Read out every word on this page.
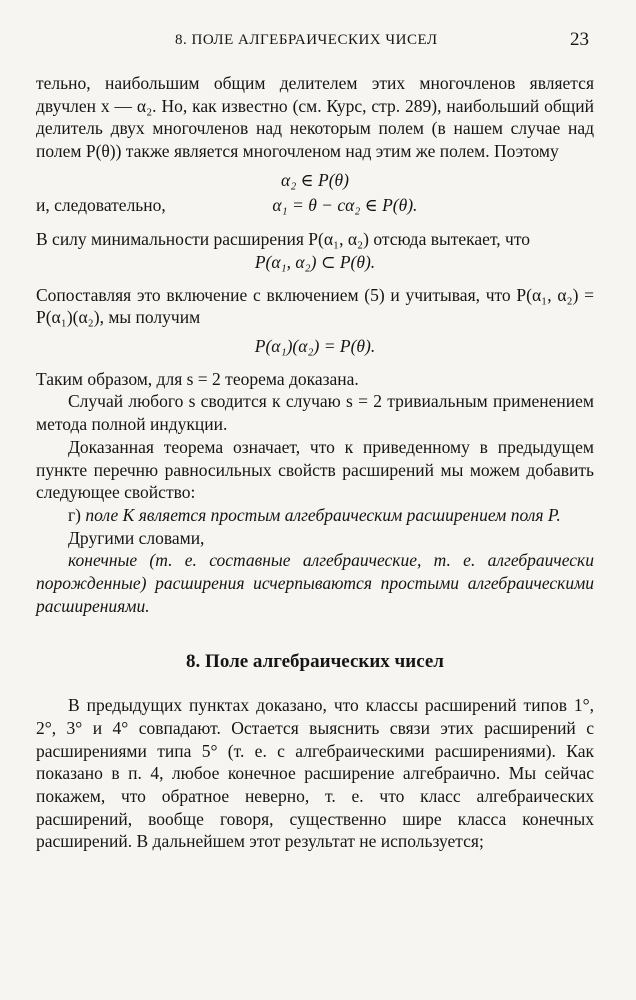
8. ПОЛЕ АЛГЕБРАИЧЕСКИХ ЧИСЕЛ	23

тельно, наибольшим общим делителем этих многочленов является двучлен x — α₂. Но, как известно (см. Курс, стр. 289), наибольший общий делитель двух многочленов над некоторым полем (в нашем случае над полем P(θ)) также является многочленом над этим же полем. Поэтому

α₂ ∈ P(θ)

и, следовательно,	α₁ = θ − cα₂ ∈ P(θ).

В силу минимальности расширения P(α₁, α₂) отсюда вытекает, что

P(α₁, α₂) ⊂ P(θ).

Сопоставляя это включение с включением (5) и учитывая, что P(α₁, α₂) = P(α₁)(α₂), мы получим

P(α₁)(α₂) = P(θ).

Таким образом, для s = 2 теорема доказана.

Случай любого s сводится к случаю s = 2 тривиальным применением метода полной индукции.

Доказанная теорема означает, что к приведенному в предыдущем пункте перечню равносильных свойств расширений мы можем добавить следующее свойство:

г) поле K является простым алгебраическим расширением поля P.

Другими словами,

конечные (т. е. составные алгебраические, т. е. алгебраически порожденные) расширения исчерпываются простыми алгебраическими расширениями.

8. Поле алгебраических чисел

В предыдущих пунктах доказано, что классы расширений типов 1°, 2°, 3° и 4° совпадают. Остается выяснить связи этих расширений с расширениями типа 5° (т. е. с алгебраическими расширениями). Как показано в п. 4, любое конечное расширение алгебраично. Мы сейчас покажем, что обратное неверно, т. е. что класс алгебраических расширений, вообще говоря, существенно шире класса конечных расширений. В дальнейшем этот результат не используется;
